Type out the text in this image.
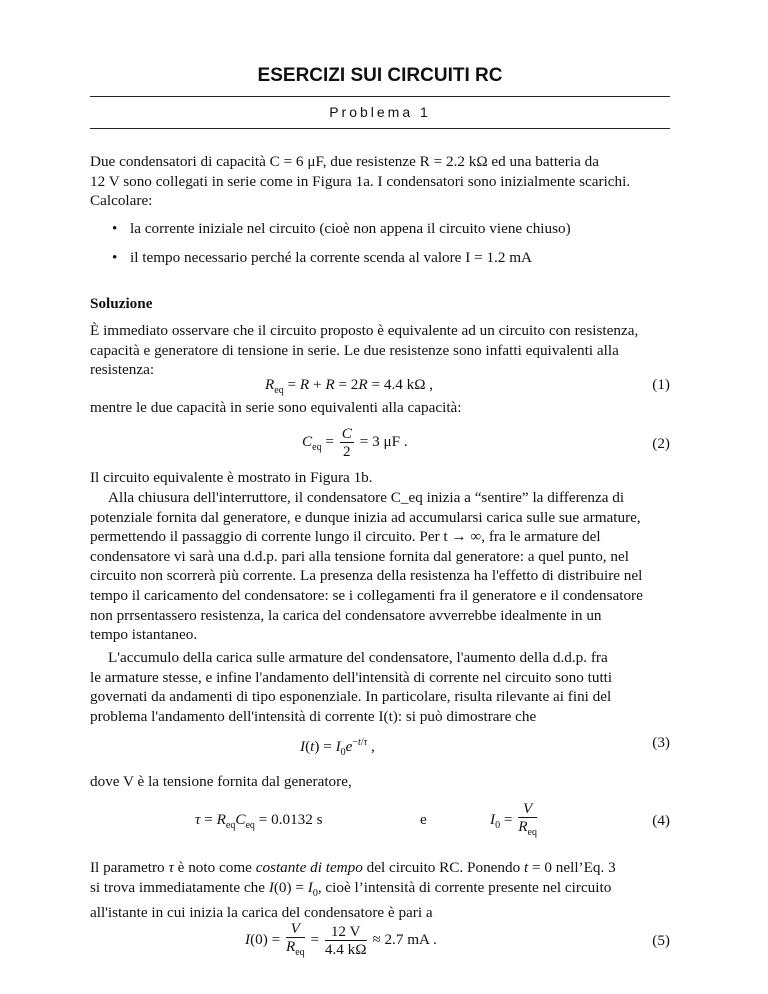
ESERCIZI SUI CIRCUITI RC
Problema 1

Due condensatori di capacità C = 6 μF, due resistenze R = 2.2 kΩ ed una batteria da

12 V sono collegati in serie come in Figura 1a. I condensatori sono inizialmente scarichi.

Calcolare:

• la corrente iniziale nel circuito (cioè non appena il circuito viene chiuso)
• il tempo necessario perché la corrente scenda al valore I = 1.2 mA
Soluzione

È immediato osservare che il circuito proposto è equivalente ad un circuito con resistenza,

capacità e generatore di tensione in serie. Le due resistenze sono infatti equivalenti alla

resistenza:

$R_{eq} = R + R = 2R = 4.4$ kΩ ,	(1)
mentre le due capacità in serie sono equivalenti alla capacità:
$C_{eq} = \frac{C}{2} = 3$ μF .	(2)
Il circuito equivalente è mostrato in Figura 1b.

Alla chiusura dell'interruttore, il condensatore C_eq inizia a “sentire” la differenza di

potenziale fornita dal generatore, e dunque inizia ad accumularsi carica sulle sue armature,

permettendo il passaggio di corrente lungo il circuito. Per t → ∞, fra le armature del

condensatore vi sarà una d.d.p. pari alla tensione fornita dal generatore: a quel punto, nel

circuito non scorrerà più corrente. La presenza della resistenza ha l'effetto di distribuire nel

tempo il caricamento del condensatore: se i collegamenti fra il generatore e il condensatore

non prrsentassero resistenza, la carica del condensatore avverrebbe idealmente in un

tempo istantaneo.

L'accumulo della carica sulle armature del condensatore, l'aumento della d.d.p. fra

le armature stesse, e infine l'andamento dell'intensità di corrente nel circuito sono tutti

governati da andamenti di tipo esponenziale. In particolare, risulta rilevante ai fini del

problema l'andamento dell'intensità di corrente I(t): si può dimostrare che

$I(t) = I_0e^{-t/\tau}$ ,	(3)
dove V è la tensione fornita dal generatore,
$\tau = R_{eq}C_{eq} = 0.0132$ s	e	$I_0 = \frac{V}{R_{eq}}$	(4)

Il parametro τ è noto come costante di tempo del circuito RC. Ponendo t = 0 nell’Eq. 3

si trova immediatamente che $I(0) = I_0$, cioè l’intensità di corrente presente nel circuito

all'istante in cui inizia la carica del condensatore è pari a

$I(0) = \frac{V}{R_{eq}} = \frac{12 V}{4.4 k\Omega} \approx 2.7$ mA .	(5)
